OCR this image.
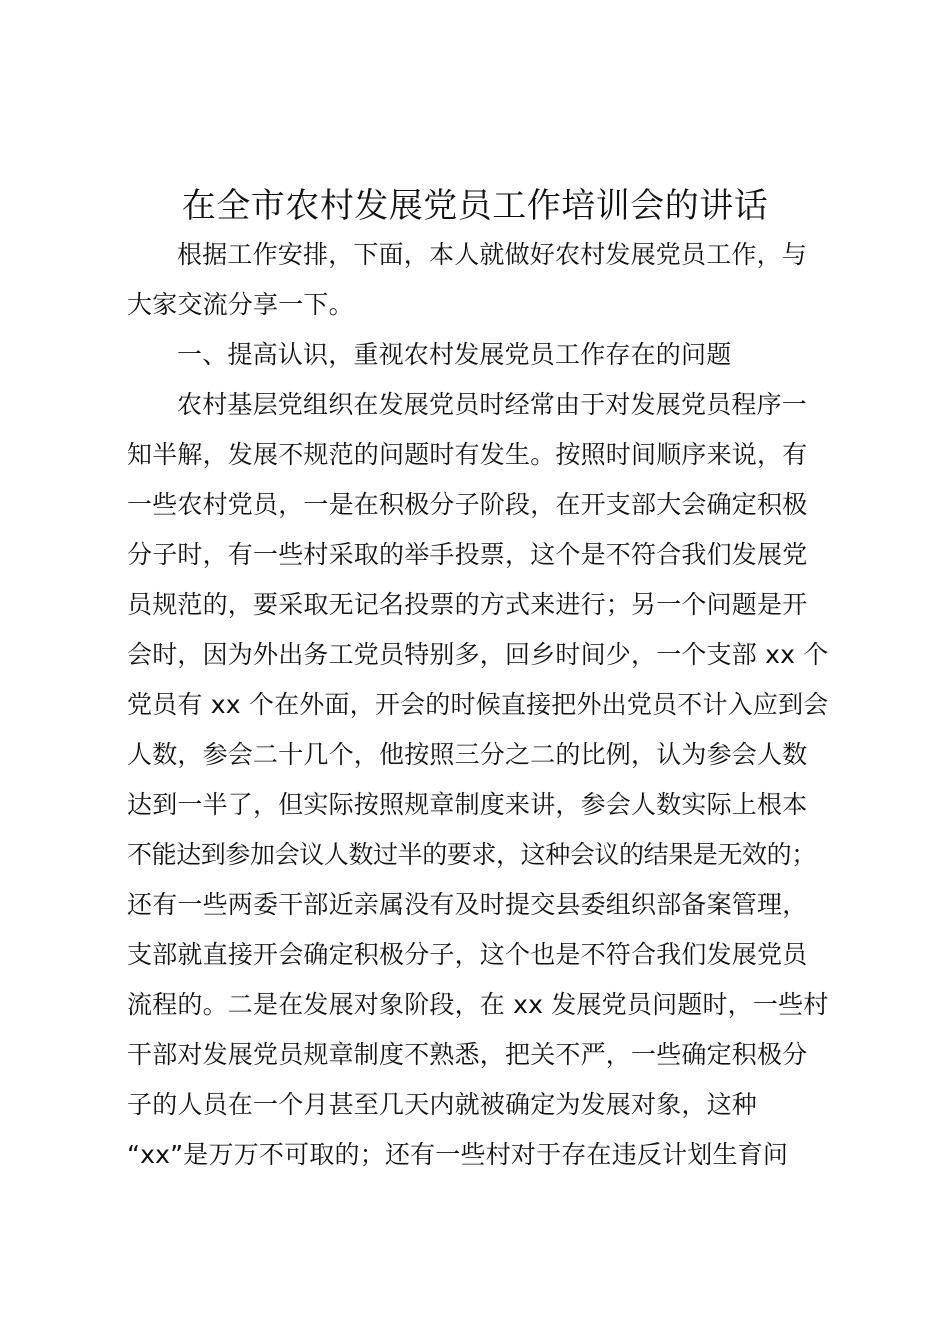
在全市农村发展党员工作培训会的讲话
根据工作安排，下面，本人就做好农村发展党员工作，与
大家交流分享一下。
一、提高认识，重视农村发展党员工作存在的问题
农村基层党组织在发展党员时经常由于对发展党员程序一
知半解，发展不规范的问题时有发生。按照时间顺序来说，有
一些农村党员，一是在积极分子阶段，在开支部大会确定积极
分子时，有一些村采取的举手投票，这个是不符合我们发展党
员规范的，要采取无记名投票的方式来进行；另一个问题是开
会时，因为外出务工党员特别多，回乡时间少，一个支部 xx 个
党员有 xx 个在外面，开会的时候直接把外出党员不计入应到会
人数，参会二十几个，他按照三分之二的比例，认为参会人数
达到一半了，但实际按照规章制度来讲，参会人数实际上根本
不能达到参加会议人数过半的要求，这种会议的结果是无效的；
还有一些两委干部近亲属没有及时提交县委组织部备案管理，
支部就直接开会确定积极分子，这个也是不符合我们发展党员
流程的。二是在发展对象阶段，在 xx 发展党员问题时，一些村
干部对发展党员规章制度不熟悉，把关不严，一些确定积极分
子的人员在一个月甚至几天内就被确定为发展对象，这种
“xx”是万万不可取的；还有一些村对于存在违反计划生育问
